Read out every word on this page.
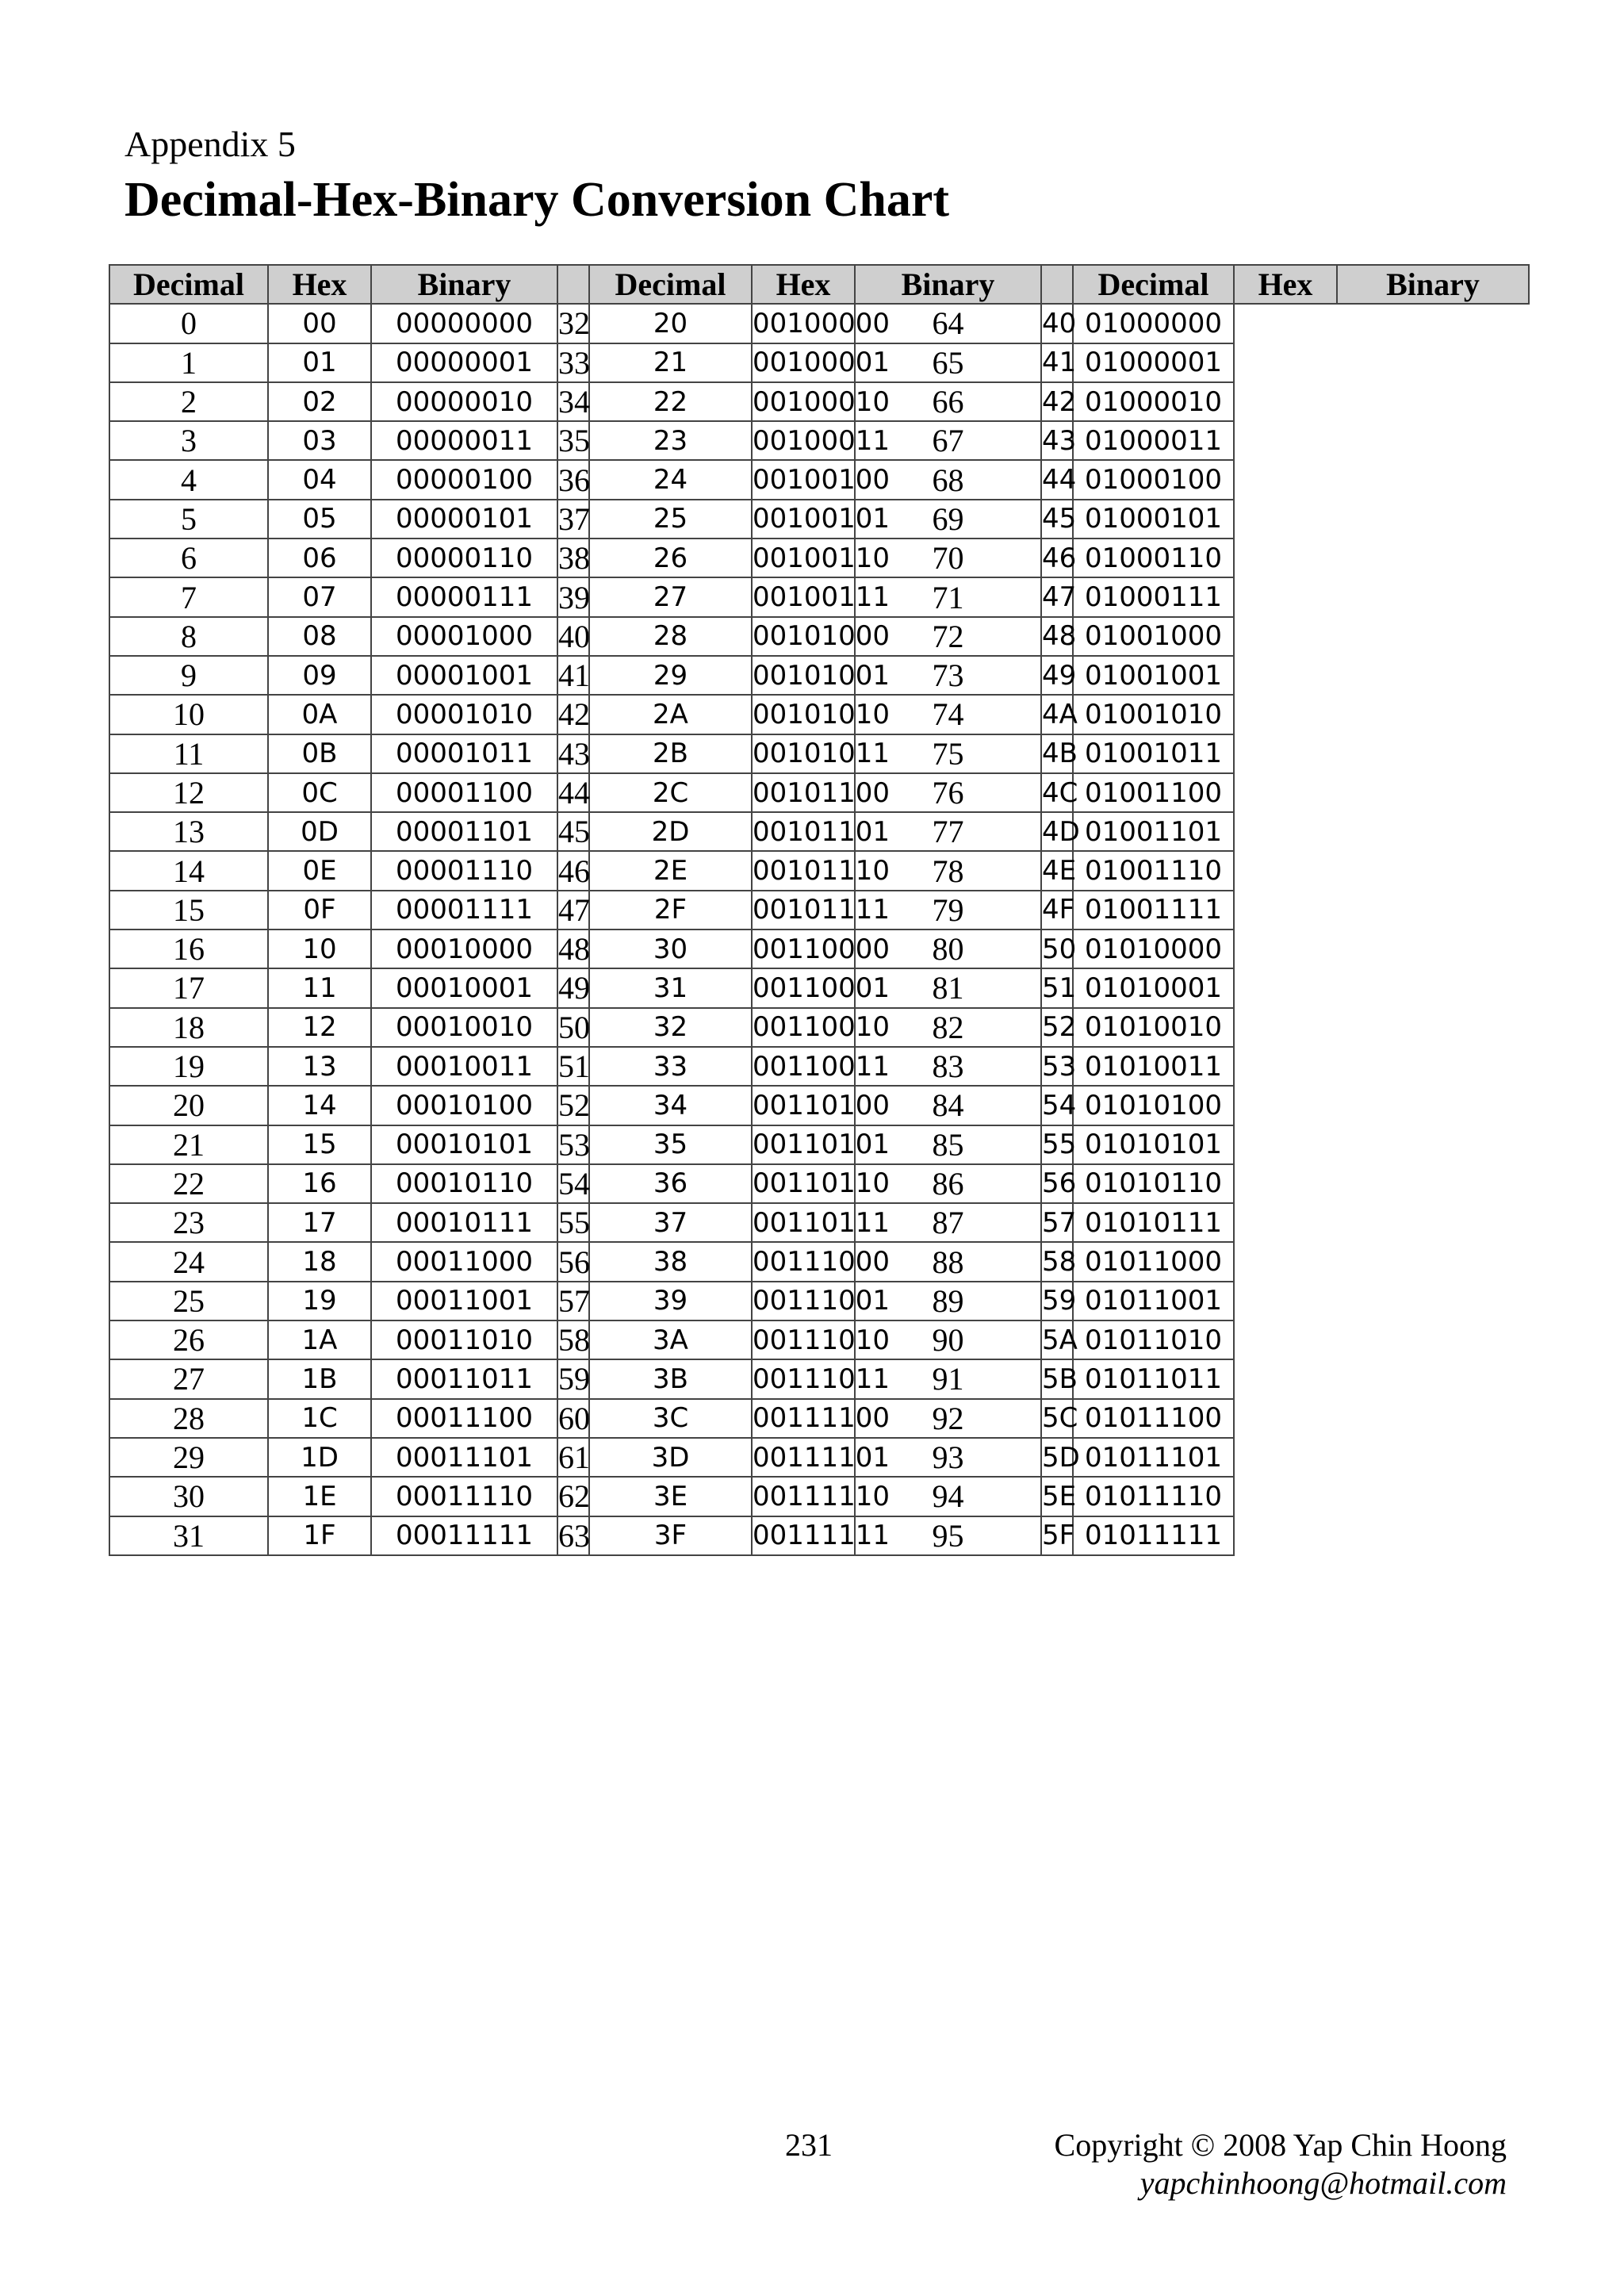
Appendix 5
Decimal-Hex-Binary Conversion Chart
Decimal	Hex	Binary		Decimal	Hex	Binary		Decimal	Hex	Binary
0	00	00000000	32	20	00100000	64	40	01000000		
1	01	00000001	33	21	00100001	65	41	01000001		
2	02	00000010	34	22	00100010	66	42	01000010		
3	03	00000011	35	23	00100011	67	43	01000011		
4	04	00000100	36	24	00100100	68	44	01000100		
5	05	00000101	37	25	00100101	69	45	01000101		
6	06	00000110	38	26	00100110	70	46	01000110		
7	07	00000111	39	27	00100111	71	47	01000111		
8	08	00001000	40	28	00101000	72	48	01001000		
9	09	00001001	41	29	00101001	73	49	01001001		
10	0A	00001010	42	2A	00101010	74	4A	01001010		
11	0B	00001011	43	2B	00101011	75	4B	01001011		
12	0C	00001100	44	2C	00101100	76	4C	01001100		
13	0D	00001101	45	2D	00101101	77	4D	01001101		
14	0E	00001110	46	2E	00101110	78	4E	01001110		
15	0F	00001111	47	2F	00101111	79	4F	01001111		
16	10	00010000	48	30	00110000	80	50	01010000		
17	11	00010001	49	31	00110001	81	51	01010001		
18	12	00010010	50	32	00110010	82	52	01010010		
19	13	00010011	51	33	00110011	83	53	01010011		
20	14	00010100	52	34	00110100	84	54	01010100		
21	15	00010101	53	35	00110101	85	55	01010101		
22	16	00010110	54	36	00110110	86	56	01010110		
23	17	00010111	55	37	00110111	87	57	01010111		
24	18	00011000	56	38	00111000	88	58	01011000		
25	19	00011001	57	39	00111001	89	59	01011001		
26	1A	00011010	58	3A	00111010	90	5A	01011010		
27	1B	00011011	59	3B	00111011	91	5B	01011011		
28	1C	00011100	60	3C	00111100	92	5C	01011100		
29	1D	00011101	61	3D	00111101	93	5D	01011101		
30	1E	00011110	62	3E	00111110	94	5E	01011110		
31	1F	00011111	63	3F	00111111	95	5F	01011111		
231	Copyright © 2008 Yap Chin Hoong
yapchinhoong@hotmail.com
